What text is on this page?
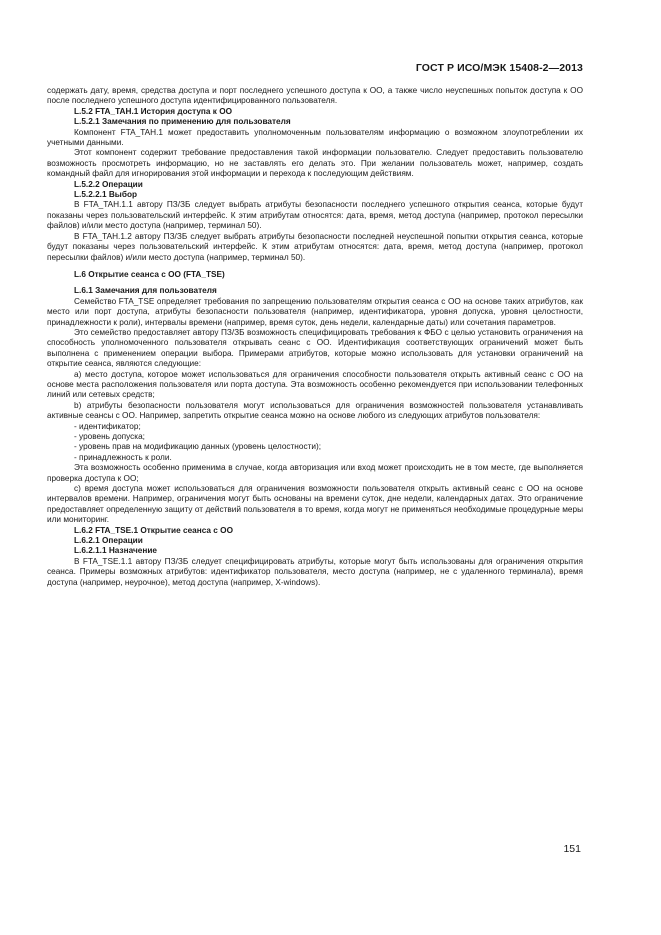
ГОСТ Р ИСО/МЭК 15408-2—2013

содержать дату, время, средства доступа и порт последнего успешного доступа к ОО, а также число неуспешных попыток доступа к ОО после последнего успешного доступа идентифицированного пользователя.

L.5.2 FTA_TAH.1 История доступа к ОО

L.5.2.1 Замечания по применению для пользователя

Компонент FTA_TAH.1 может предоставить уполномоченным пользователям информацию о возможном злоупотреблении их учетными данными.

Этот компонент содержит требование предоставления такой информации пользователю. Следует предоставить пользователю возможность просмотреть информацию, но не заставлять его делать это. При желании пользователь может, например, создать командный файл для игнорирования этой информации и перехода к последующим действиям.

L.5.2.2 Операции

L.5.2.2.1 Выбор

В FTA_TAH.1.1 автору ПЗ/ЗБ следует выбрать атрибуты безопасности последнего успешного открытия сеанса, которые будут показаны через пользовательский интерфейс. К этим атрибутам относятся: дата, время, метод доступа (например, протокол пересылки файлов) и/или место доступа (например, терминал 50).

В FTA_TAH.1.2 автору ПЗ/ЗБ следует выбрать атрибуты безопасности последней неуспешной попытки открытия сеанса, которые будут показаны через пользовательский интерфейс. К этим атрибутам относятся: дата, время, метод доступа (например, протокол пересылки файлов) и/или место доступа (например, терминал 50).

L.6 Открытие сеанса с ОО (FTA_TSE)

L.6.1 Замечания для пользователя

Семейство FTA_TSE определяет требования по запрещению пользователям открытия сеанса с ОО на основе таких атрибутов, как место или порт доступа, атрибуты безопасности пользователя (например, идентификатора, уровня допуска, уровня целостности, принадлежности к роли), интервалы времени (например, время суток, день недели, календарные даты) или сочетания параметров.

Это семейство предоставляет автору ПЗ/ЗБ возможность специфицировать требования к ФБО с целью установить ограничения на способность уполномоченного пользователя открывать сеанс с ОО. Идентификация соответствующих ограничений может быть выполнена с применением операции выбора. Примерами атрибутов, которые можно использовать для установки ограничений на открытие сеанса, являются следующие:

a) место доступа, которое может использоваться для ограничения способности пользователя открыть активный сеанс с ОО на основе места расположения пользователя или порта доступа. Эта возможность особенно рекомендуется при использовании телефонных линий или сетевых средств;

b) атрибуты безопасности пользователя могут использоваться для ограничения возможностей пользователя устанавливать активные сеансы с ОО. Например, запретить открытие сеанса можно на основе любого из следующих атрибутов пользователя:

- идентификатор;

- уровень допуска;

- уровень прав на модификацию данных (уровень целостности);

- принадлежность к роли.

Эта возможность особенно применима в случае, когда авторизация или вход может происходить не в том месте, где выполняется проверка доступа к ОО;

c) время доступа может использоваться для ограничения возможности пользователя открыть активный сеанс с ОО на основе интервалов времени. Например, ограничения могут быть основаны на времени суток, дне недели, календарных датах. Это ограничение предоставляет определенную защиту от действий пользователя в то время, когда могут не применяться необходимые процедурные меры или мониторинг.

L.6.2 FTA_TSE.1 Открытие сеанса с ОО

L.6.2.1 Операции

L.6.2.1.1 Назначение

В FTA_TSE.1.1 автору ПЗ/ЗБ следует специфицировать атрибуты, которые могут быть использованы для ограничения открытия сеанса. Примеры возможных атрибутов: идентификатор пользователя, место доступа (например, не с удаленного терминала), время доступа (например, неурочное), метод доступа (например, X-windows).

151
